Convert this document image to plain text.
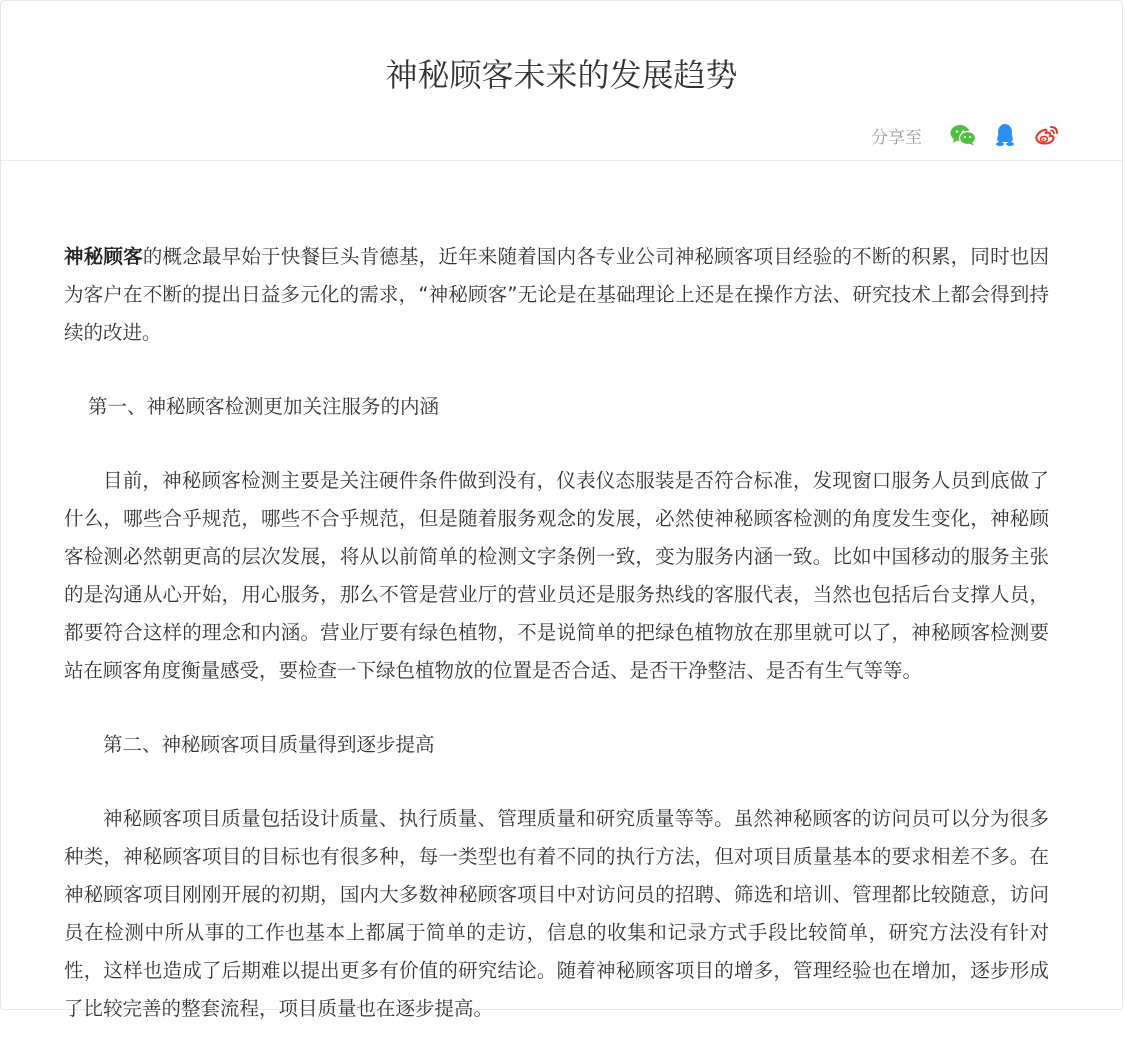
神秘顾客未来的发展趋势
分享至

神秘顾客的概念最早始于快餐巨头肯德基，近年来随着国内各专业公司神秘顾客项目经验的不断的积累，同时也因为客户在不断的提出日益多元化的需求，“神秘顾客”无论是在基础理论上还是在操作方法、研究技术上都会得到持续的改进。

第一、神秘顾客检测更加关注服务的内涵

目前，神秘顾客检测主要是关注硬件条件做到没有，仪表仪态服装是否符合标准，发现窗口服务人员到底做了什么，哪些合乎规范，哪些不合乎规范，但是随着服务观念的发展，必然使神秘顾客检测的角度发生变化，神秘顾客检测必然朝更高的层次发展，将从以前简单的检测文字条例一致，变为服务内涵一致。比如中国移动的服务主张的是沟通从心开始，用心服务，那么不管是营业厅的营业员还是服务热线的客服代表，当然也包括后台支撑人员，都要符合这样的理念和内涵。营业厅要有绿色植物，不是说简单的把绿色植物放在那里就可以了，神秘顾客检测要站在顾客角度衡量感受，要检查一下绿色植物放的位置是否合适、是否干净整洁、是否有生气等等。

第二、神秘顾客项目质量得到逐步提高

神秘顾客项目质量包括设计质量、执行质量、管理质量和研究质量等等。虽然神秘顾客的访问员可以分为很多种类，神秘顾客项目的目标也有很多种，每一类型也有着不同的执行方法，但对项目质量基本的要求相差不多。在神秘顾客项目刚刚开展的初期，国内大多数神秘顾客项目中对访问员的招聘、筛选和培训、管理都比较随意，访问员在检测中所从事的工作也基本上都属于简单的走访，信息的收集和记录方式手段比较简单，研究方法没有针对性，这样也造成了后期难以提出更多有价值的研究结论。随着神秘顾客项目的增多，管理经验也在增加，逐步形成了比较完善的整套流程，项目质量也在逐步提高。
